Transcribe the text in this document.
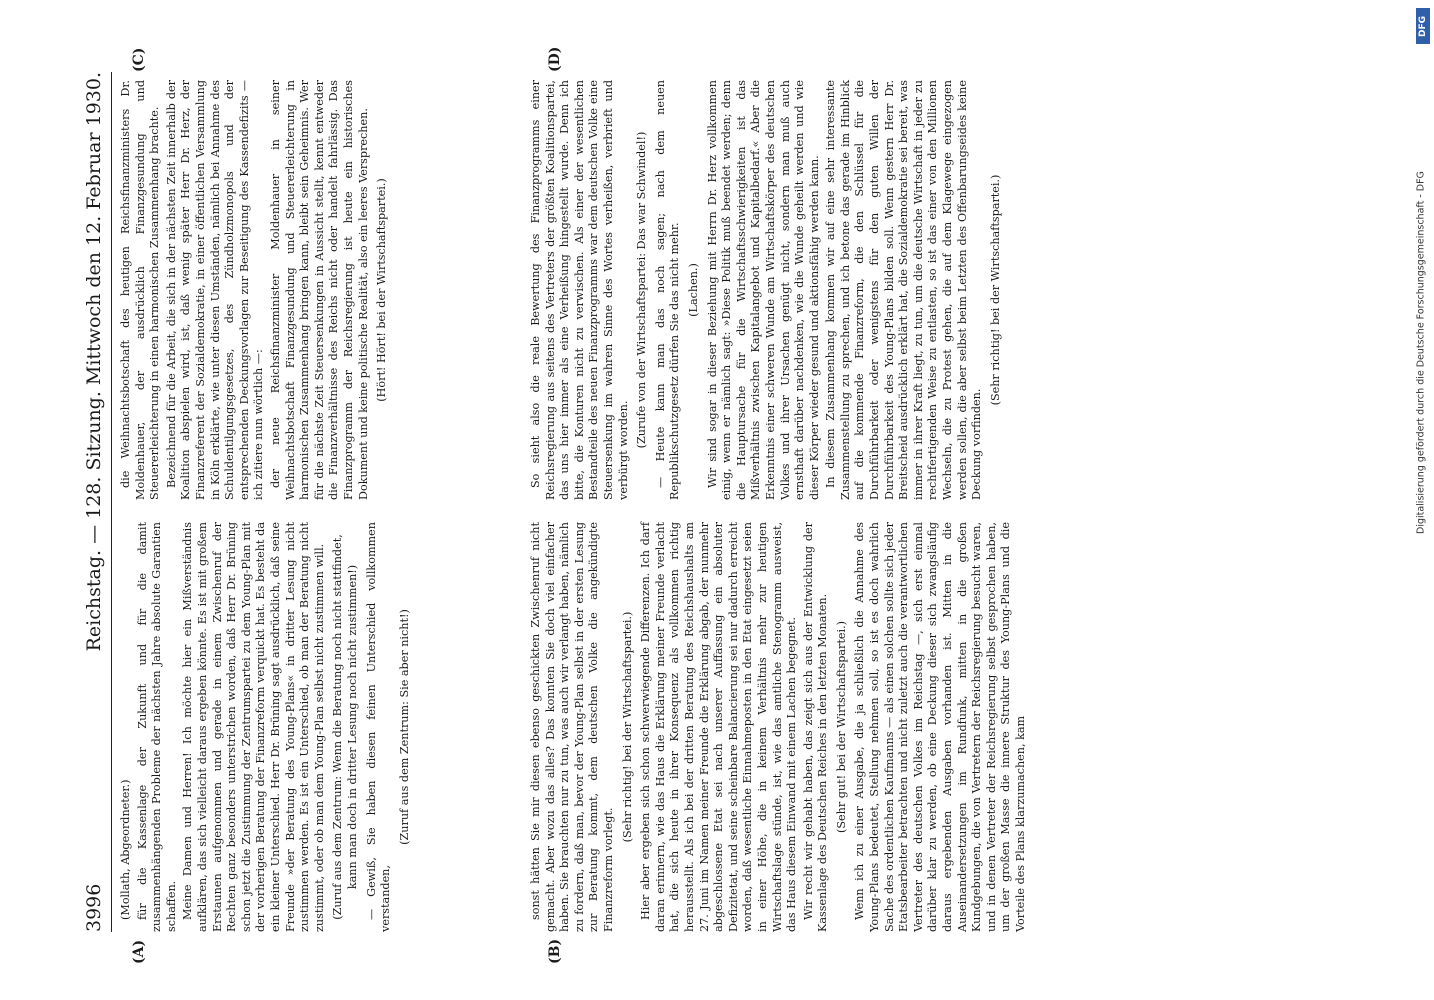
3996
Reichstag. — 128. Sitzung. Mittwoch den 12. Februar 1930.
(A)	(B)
(C)	(D)

(Mollath, Abgeordneter.) für die Kassenlage der Zukunft und für die damit zusammenhängenden Probleme der nächsten Jahre absolute Garantien schaffen. Meine Damen und Herren! Ich möchte hier ein Mißverständnis aufklären, das sich vielleicht daraus ergeben könnte. Es ist mit großem Erstaunen aufgenommen und gerade in einem Zwischenruf der Rechten ganz besonders unterstrichen worden, daß Herr Dr. Brüning schon jetzt die Zustimmung der Zentrumspartei zu dem Young-Plan mit der vorherigen Beratung der Finanzreform verquickt hat. Es besteht da ein kleiner Unterschied. Herr Dr. Brüning sagt ausdrücklich, daß seine Freunde »der Beratung des Young-Plans« in dritter Lesung nicht zustimmen werden. Es ist ein Unterschied, ob man der Beratung nicht zustimmt, oder ob man dem Young-Plan selbst nicht zustimmen will. (Zuruf aus dem Zentrum: Wenn die Beratung noch nicht stattfindet, kann man doch in dritter Lesung noch nicht zustimmen!) — Gewiß, Sie haben diesen feinen Unterschied vollkommen verstanden,

(Zuruf aus dem Zentrum: Sie aber nicht!)

die Weihnachtsbotschaft des heutigen Reichsfinanzministers Dr. Moldenhauer, der ausdrücklich Finanzgesundung und Steuererleichterung in einen harmonischen Zusammenhang brachte. Bezeichnend für die Arbeit, die sich in der nächsten Zeit innerhalb der Koalition abspielen wird, ist, daß wenig später Herr Dr. Herz, der Finanzreferent der Sozialdemokratie, in einer öffentlichen Versammlung in Köln erklärte, wie unter diesen Umständen, nämlich bei Annahme des Schuldentilgungsgesetzes, des Zündholzmonopols und der entsprechenden Deckungsvorlagen zur Beseitigung des Kassendefizits — ich zitiere nun wörtlich —: der neue Reichsfinanzminister Moldenhauer in seiner Weihnachtsbotschaft Finanzgesundung und Steuererleichterung in harmonischen Zusammenhang bringen kann, bleibt sein Geheimnis. Wer für die nächste Zeit Steuersenkungen in Aussicht stellt, kennt entweder die Finanzverhältnisse des Reichs nicht oder handelt fahrlässig. Das Finanzprogramm der Reichsregierung ist heute ein historisches Dokument und keine politische Realität, also ein leeres Versprechen. (Hört! Hört! bei der Wirtschaftspartei.)

sonst hätten Sie mir diesen ebenso geschickten Zwischenruf nicht gemacht. Aber wozu das alles? Das konnten Sie doch viel einfacher haben. Sie brauchten nur zu tun, was auch wir verlangt haben, nämlich zu fordern, daß man, bevor der Young-Plan selbst in der ersten Lesung zur Beratung kommt, dem deutschen Volke die angekündigte Finanzreform vorlegt.

(Sehr richtig! bei der Wirtschaftspartei.) Hier aber ergeben sich schon schwerwiegende Differenzen. Ich darf daran erinnern, wie das Haus die Erklärung meiner Freunde verlacht hat, die sich heute in ihrer Konsequenz als vollkommen richtig herausstellt. Als ich bei der dritten Beratung des Reichshaushalts am 27. Juni im Namen meiner Freunde die Erklärung abgab, der nunmehr abgeschlossene Etat sei nach unserer Auffassung ein absoluter Defizitetat, und seine scheinbare Balancierung sei nur dadurch erreicht worden, daß wesentliche Einnahmeposten in den Etat eingesetzt seien in einer Höhe, die in keinem Verhältnis mehr zur heutigen Wirtschaftslage stünde, ist, wie das amtliche Stenogramm ausweist, das Haus diesem Einwand mit einem Lachen begegnet. Wir recht wir gehabt haben, das zeigt sich aus der Entwicklung der Kassenlage des Deutschen Reiches in den letzten Monaten. (Sehr gut! bei der Wirtschaftspartei.) Wenn ich zu einer Ausgabe, die ja schließlich die Annahme des Young-Plans bedeutet, Stellung nehmen soll, so ist es doch wahrlich Sache des ordentlichen Kaufmanns — als einen solchen sollte sich jeder Etatsbearbeiter betrachten und nicht zuletzt auch die verantwortlichen Vertreter des deutschen Volkes im Reichstag —, sich erst einmal darüber klar zu werden, ob eine Deckung dieser sich zwangsläufig daraus ergebenden Ausgaben vorhanden ist. Mitten in die Auseinandersetzungen im Rundfunk, mitten in die großen Kundgebungen, die von Vertretern der Reichsregierung besucht waren, und in denen Vertreter der Reichsregierung selbst gesprochen haben, um der großen Masse die innere Struktur des Young-Plans und die Vorteile des Plans klarzumachen, kam

So sieht also die reale Bewertung des Finanzprogramms einer Reichsregierung aus seitens des Vertreters der größten Koalitionspartei, das uns hier immer als eine Verheißung hingestellt wurde. Denn ich bitte, die Konturen nicht zu verwischen. Als einer der wesentlichen Bestandteile des neuen Finanzprogramms war dem deutschen Volke eine Steuersenkung im wahren Sinne des Wortes verheißen, verbrieft und verbürgt worden.

(Zurufe von der Wirtschaftspartei: Das war Schwindel!) — Heute kann man das noch sagen; nach dem neuen Republikschutzgesetz dürfen Sie das nicht mehr. (Lachen.) Wir sind sogar in dieser Beziehung mit Herrn Dr. Herz vollkommen einig, wenn er nämlich sagt: »Diese Politik muß beendet werden; denn die Hauptursache für die Wirtschaftsschwierigkeiten ist das Mißverhältnis zwischen Kapitalangebot und Kapitalbedarf.« Aber die Erkenntnis einer schweren Wunde am Wirtschaftskörper des deutschen Volkes und ihrer Ursachen genügt nicht, sondern man muß auch ernsthaft darüber nachdenken, wie die Wunde geheilt werden und wie dieser Körper wieder gesund und aktionsfähig werden kann. In diesem Zusammenhang kommen wir auf eine sehr interessante Zusammenstellung zu sprechen, und ich betone das gerade im Hinblick auf die kommende Finanzreform, die den Schlüssel für die Durchführbarkeit oder wenigstens für den guten Willen der Durchführbarkeit des Young-Plans bilden soll. Wenn gestern Herr Dr. Breitscheid ausdrücklich erklärt hat, die Sozialdemokratie sei bereit, was immer in ihrer Kraft liegt, zu tun, um die deutsche Wirtschaft in jeder zu rechtfertigenden Weise zu entlasten, so ist das einer von den Millionen Wechseln, die zu Protest gehen, die auf dem Klagewege eingezogen werden sollen, die aber selbst beim Letzten des Offenbarungseides keine Deckung vorfinden.

(Sehr richtig! bei der Wirtschaftspartei.)	Digitalisierung gefördert durch die Deutsche Forschungsgemeinschaft - DFG
DFG
